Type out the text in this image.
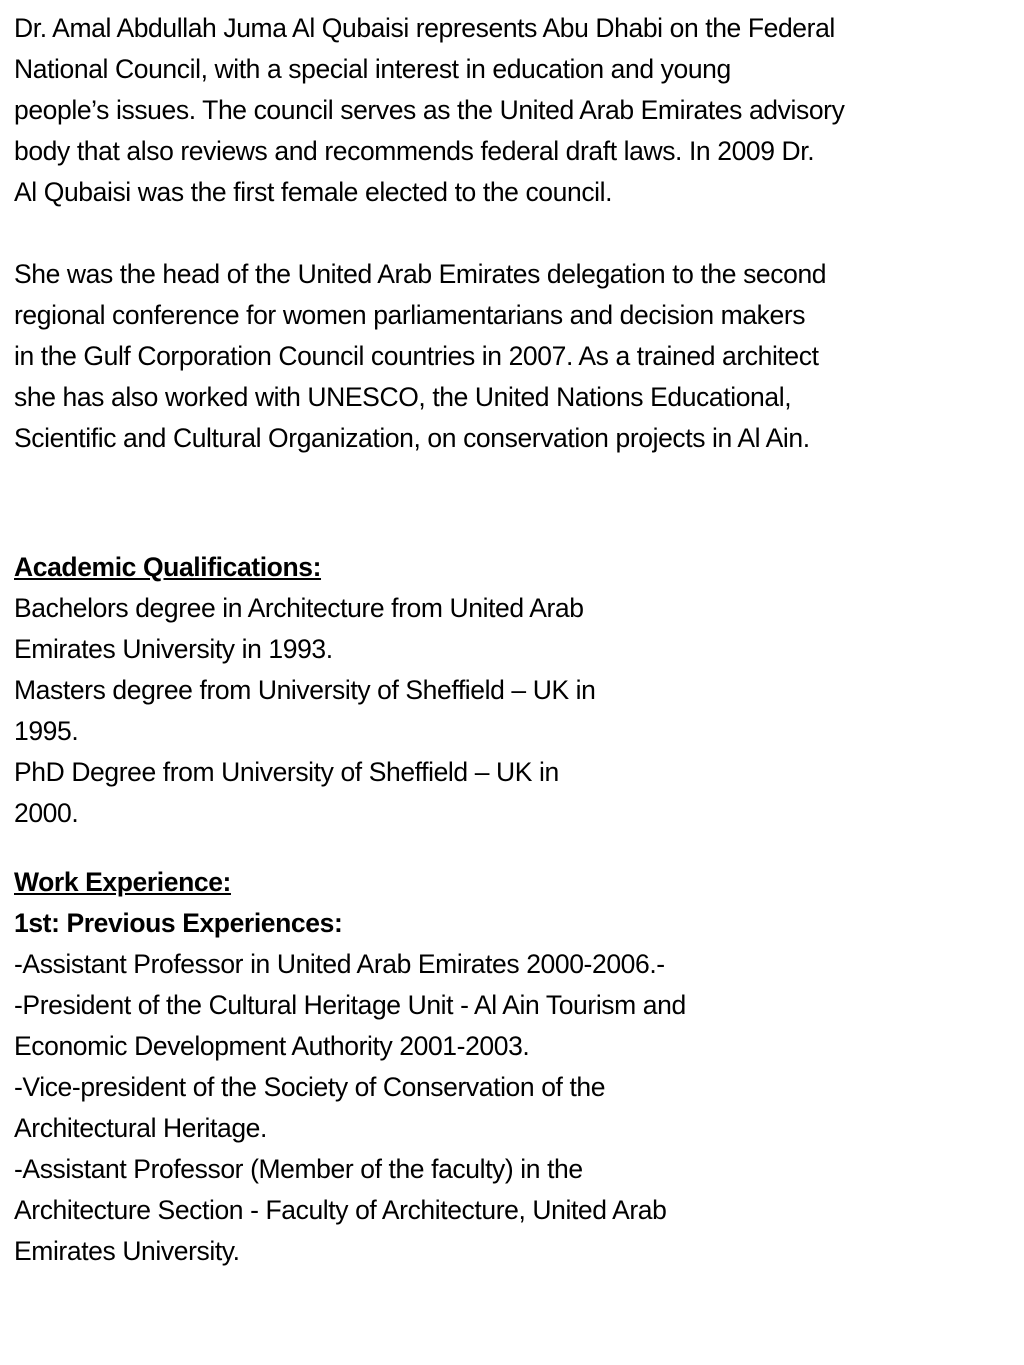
Dr. Amal Abdullah Juma Al Qubaisi represents Abu Dhabi on the Federal
National Council, with a special interest in education and young
people’s issues. The council serves as the United Arab Emirates advisory
body that also reviews and recommends federal draft laws. In 2009 Dr.
Al Qubaisi was the first female elected to the council.

She was the head of the United Arab Emirates delegation to the second
regional conference for women parliamentarians and decision makers
in the Gulf Corporation Council countries in 2007. As a trained architect
she has also worked with UNESCO, the United Nations Educational,
Scientific and Cultural Organization, on conservation projects in Al Ain.

Academic Qualifications:
Bachelors degree in Architecture from United Arab
Emirates University in 1993.
Masters degree from University of Sheffield – UK in
1995.
PhD Degree from University of Sheffield – UK in
2000.
Work Experience:
1st: Previous Experiences:
-Assistant Professor in United Arab Emirates 2000-2006.-
-President of the Cultural Heritage Unit - Al Ain Tourism and
Economic Development Authority 2001-2003.
-Vice-president of the Society of Conservation of the
Architectural Heritage.
-Assistant Professor (Member of the faculty) in the
Architecture Section - Faculty of Architecture, United Arab
Emirates University.
